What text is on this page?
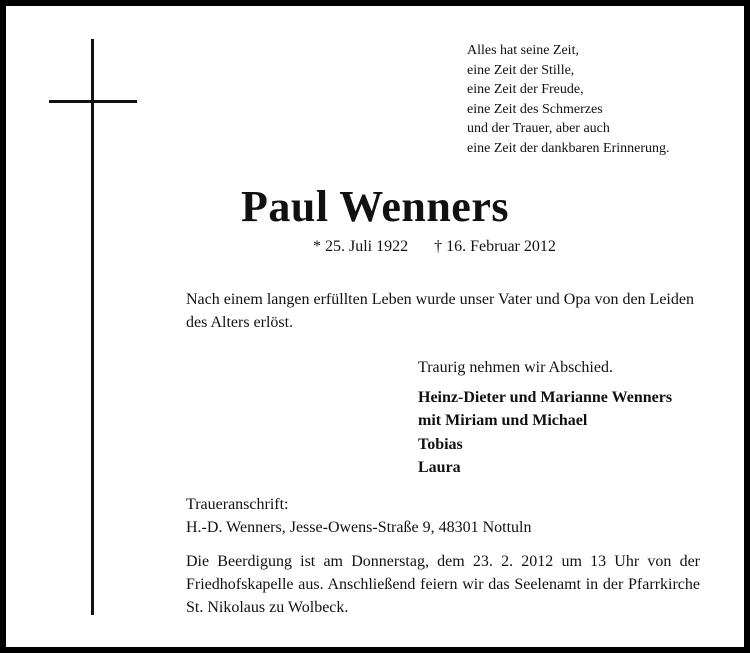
Alles hat seine Zeit,
eine Zeit der Stille,
eine Zeit der Freude,
eine Zeit des Schmerzes
und der Trauer, aber auch
eine Zeit der dankbaren Erinnerung.
Paul Wenners
* 25. Juli 1922 † 16. Februar 2012
Nach einem langen erfüllten Leben wurde unser Vater und Opa von den Leiden des Alters erlöst.
Traurig nehmen wir Abschied.
Heinz-Dieter und Marianne Wenners
mit Miriam und Michael
Tobias
Laura
Traueranschrift:
H.-D. Wenners, Jesse-Owens-Straße 9, 48301 Nottuln
Die Beerdigung ist am Donnerstag, dem 23. 2. 2012 um 13 Uhr von der Friedhofskapelle aus. Anschließend feiern wir das Seelenamt in der Pfarrkirche St. Nikolaus zu Wolbeck.
